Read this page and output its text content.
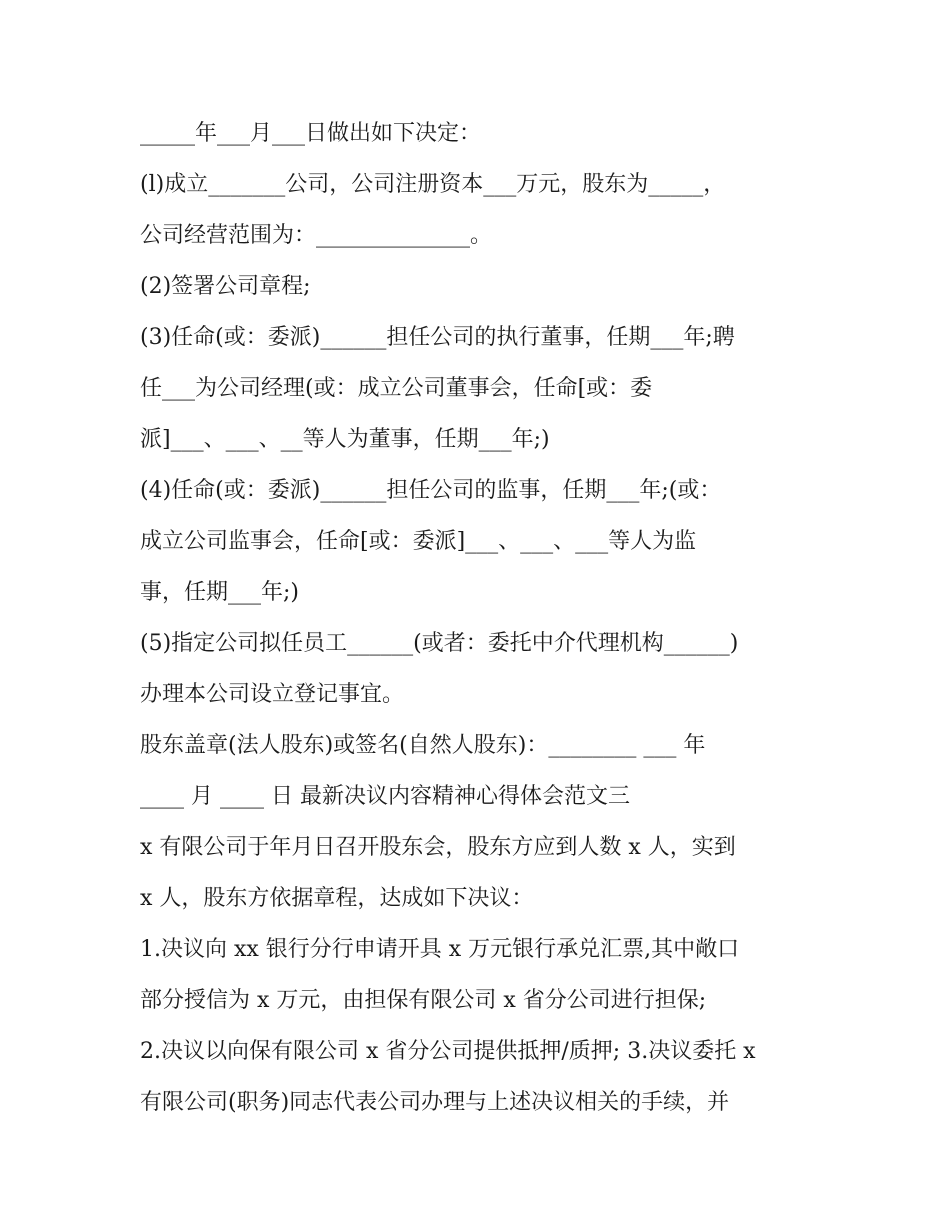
_____年___月___日做出如下决定：
(l)成立_______公司，公司注册资本___万元，股东为_____，
公司经营范围为：______________。
(2)签署公司章程;
(3)任命(或：委派)______担任公司的执行董事，任期___年;聘
任___为公司经理(或：成立公司董事会，任命[或：委
派]___、___、__等人为董事，任期___年;)
(4)任命(或：委派)______担任公司的监事，任期___年;(或：
成立公司监事会，任命[或：委派]___、___、___等人为监
事，任期___年;)
(5)指定公司拟任员工______(或者：委托中介代理机构______)
办理本公司设立登记事宜。
股东盖章(法人股东)或签名(自然人股东)：________ ___ 年
____ 月 ____ 日 最新决议内容精神心得体会范文三
x 有限公司于年月日召开股东会，股东方应到人数 x 人，实到
x 人，股东方依据章程，达成如下决议：
1.决议向 xx 银行分行申请开具 x 万元银行承兑汇票,其中敞口
部分授信为 x 万元，由担保有限公司 x 省分公司进行担保;
2.决议以向保有限公司 x 省分公司提供抵押/质押; 3.决议委托 x
有限公司(职务)同志代表公司办理与上述决议相关的手续，并
